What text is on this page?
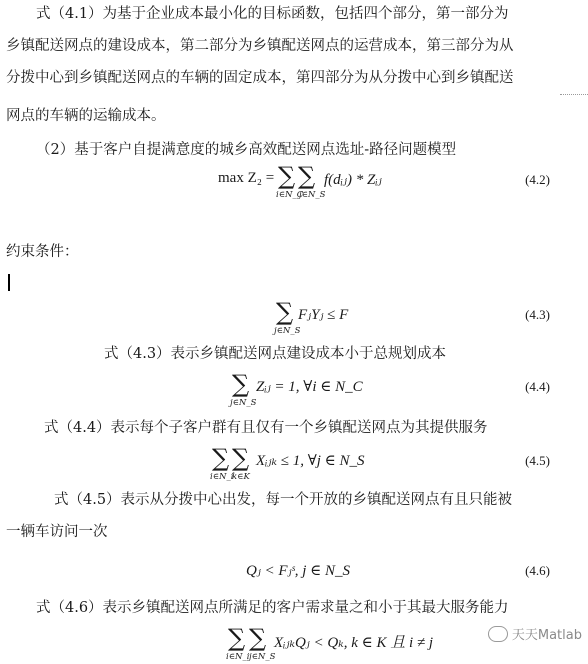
式（4.1）为基于企业成本最小化的目标函数，包括四个部分，第一部分为
乡镇配送网点的建设成本，第二部分为乡镇配送网点的运营成本，第三部分为从
分拨中心到乡镇配送网点的车辆的固定成本，第四部分为从分拨中心到乡镇配送
网点的车辆的运输成本。
（2）基于客户自提满意度的城乡高效配送网点选址-路径问题模型
max Z₂ = ∑ ∑
i∈N_C
j∈N_S
f(dᵢⱼ) * Zᵢⱼ	(4.2)
约束条件：
∑
j∈N_S
FⱼYⱼ ≤ F	(4.3)
式（4.3）表示乡镇配送网点建设成本小于总规划成本
∑
j∈N_S
Zᵢⱼ = 1, ∀i ∈ N_C	(4.4)
式（4.4）表示每个子客户群有且仅有一个乡镇配送网点为其提供服务
∑ ∑
i∈N_i
k∈K
Xᵢⱼₖ ≤ 1, ∀j ∈ N_S	(4.5)
式（4.5）表示从分拨中心出发，每一个开放的乡镇配送网点有且只能被
一辆车访问一次
Qⱼ < Fⱼˢ, j ∈ N_S	(4.6)
式（4.6）表示乡镇配送网点所满足的客户需求量之和小于其最大服务能力
∑ ∑
i∈N_i j∈N_S
XᵢⱼₖQⱼ < Qₖ, k ∈ K 且 i ≠ j	天天Matlab
